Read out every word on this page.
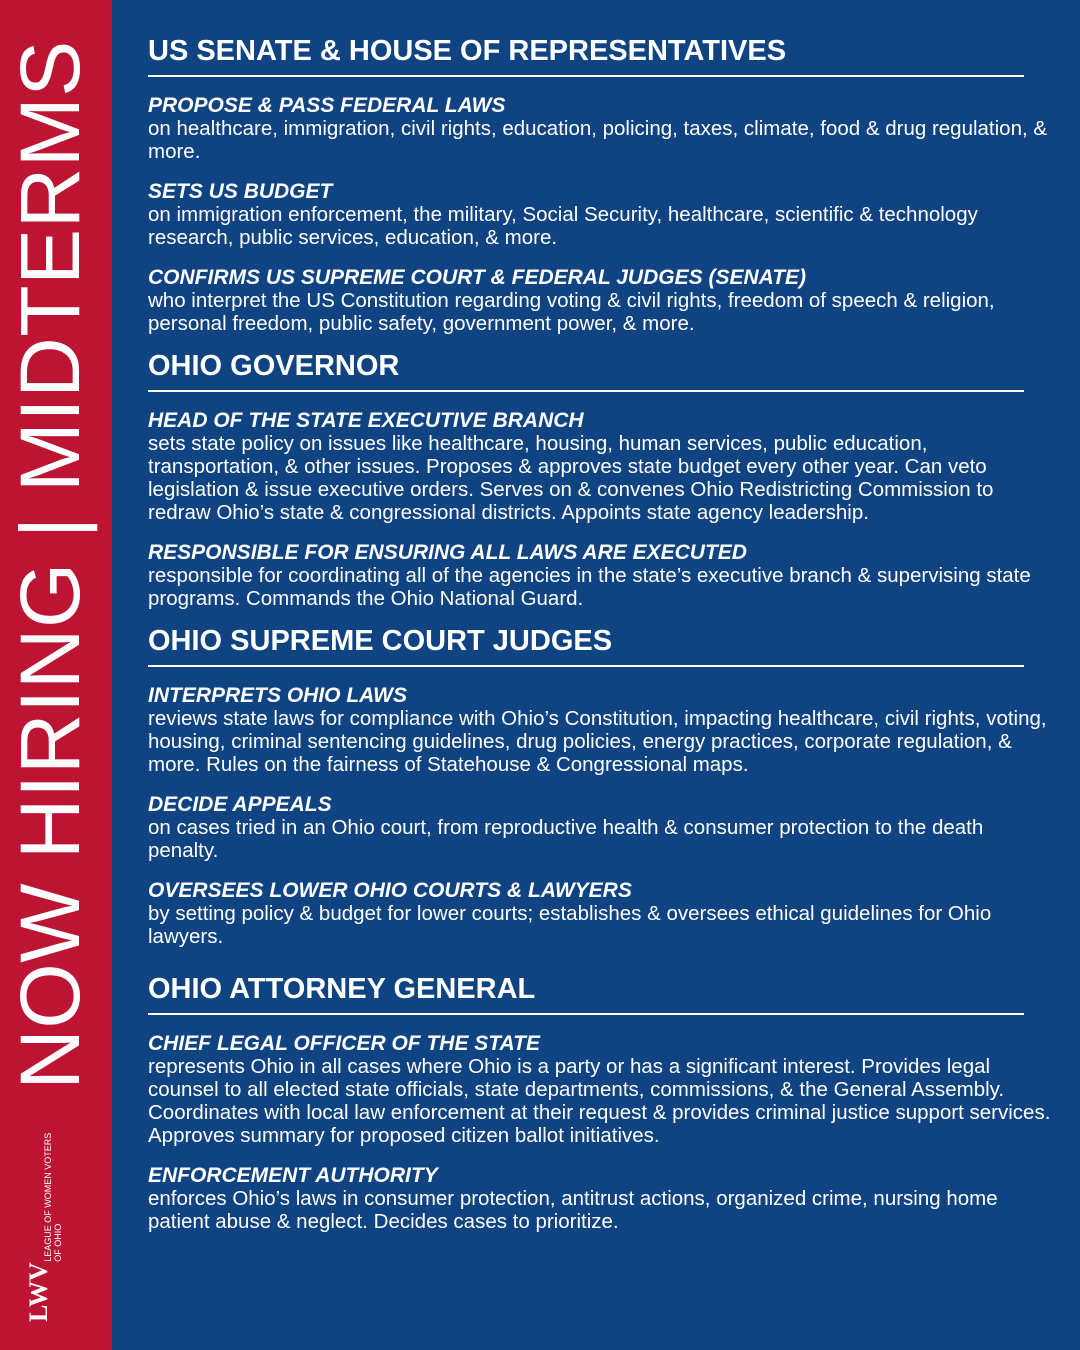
NOW HIRING | MIDTERMS
LWV
LEAGUE OF WOMEN VOTERS OF OHIO
US SENATE & HOUSE OF REPRESENTATIVES

PROPOSE & PASS FEDERAL LAWS

on healthcare, immigration, civil rights, education, policing, taxes, climate, food & drug regulation, & more.

SETS US BUDGET

on immigration enforcement, the military, Social Security, healthcare, scientific & technology research, public services, education, & more.

CONFIRMS US SUPREME COURT & FEDERAL JUDGES (SENATE)

who interpret the US Constitution regarding voting & civil rights, freedom of speech & religion, personal freedom, public safety, government power, & more.

OHIO GOVERNOR

HEAD OF THE STATE EXECUTIVE BRANCH

sets state policy on issues like healthcare, housing, human services, public education, transportation, & other issues. Proposes & approves state budget every other year. Can veto legislation & issue executive orders. Serves on & convenes Ohio Redistricting Commission to redraw Ohio’s state & congressional districts. Appoints state agency leadership.

RESPONSIBLE FOR ENSURING ALL LAWS ARE EXECUTED

responsible for coordinating all of the agencies in the state’s executive branch & supervising state programs. Commands the Ohio National Guard.

OHIO SUPREME COURT JUDGES

INTERPRETS OHIO LAWS

reviews state laws for compliance with Ohio’s Constitution, impacting healthcare, civil rights, voting, housing, criminal sentencing guidelines, drug policies, energy practices, corporate regulation, & more. Rules on the fairness of Statehouse & Congressional maps.

DECIDE APPEALS

on cases tried in an Ohio court, from reproductive health & consumer protection to the death penalty.

OVERSEES LOWER OHIO COURTS & LAWYERS

by setting policy & budget for lower courts; establishes & oversees ethical guidelines for Ohio lawyers.

OHIO ATTORNEY GENERAL

CHIEF LEGAL OFFICER OF THE STATE

represents Ohio in all cases where Ohio is a party or has a significant interest. Provides legal counsel to all elected state officials, state departments, commissions, & the General Assembly. Coordinates with local law enforcement at their request & provides criminal justice support services. Approves summary for proposed citizen ballot initiatives.

ENFORCEMENT AUTHORITY

enforces Ohio’s laws in consumer protection, antitrust actions, organized crime, nursing home patient abuse & neglect. Decides cases to prioritize.
